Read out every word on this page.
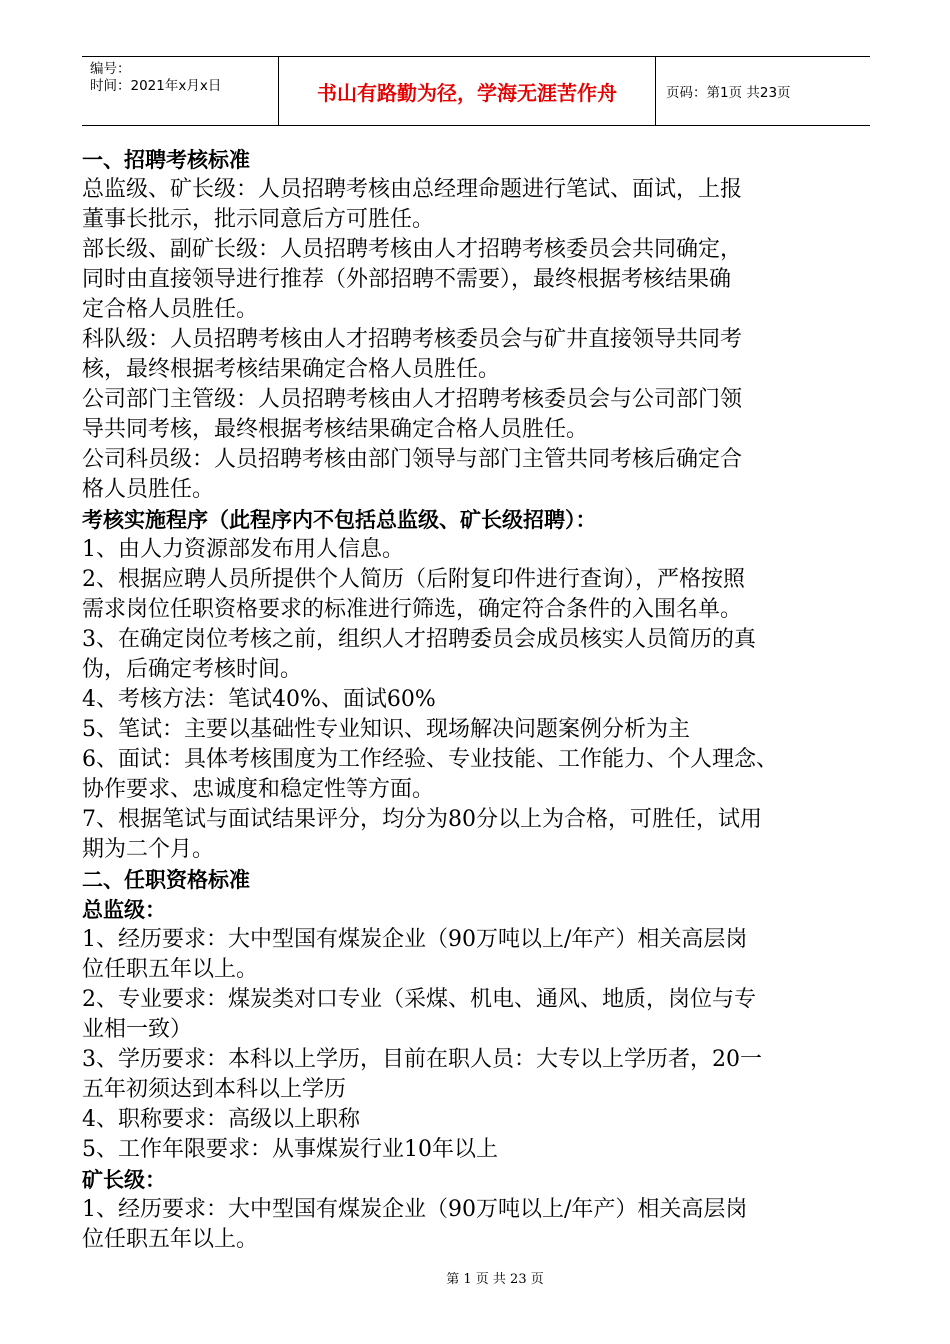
编号：
时间：2021年x月x日	书山有路勤为径，学海无涯苦作舟	页码：第1页 共23页
一、招聘考核标准
总监级、矿长级：人员招聘考核由总经理命题进行笔试、面试，上报
董事长批示，批示同意后方可胜任。
部长级、副矿长级：人员招聘考核由人才招聘考核委员会共同确定，
同时由直接领导进行推荐（外部招聘不需要），最终根据考核结果确
定合格人员胜任。
科队级：人员招聘考核由人才招聘考核委员会与矿井直接领导共同考
核，最终根据考核结果确定合格人员胜任。
公司部门主管级：人员招聘考核由人才招聘考核委员会与公司部门领
导共同考核，最终根据考核结果确定合格人员胜任。
公司科员级：人员招聘考核由部门领导与部门主管共同考核后确定合
格人员胜任。
考核实施程序（此程序内不包括总监级、矿长级招聘）：
1、由人力资源部发布用人信息。
2、根据应聘人员所提供个人简历（后附复印件进行查询），严格按照
需求岗位任职资格要求的标准进行筛选，确定符合条件的入围名单。
3、在确定岗位考核之前，组织人才招聘委员会成员核实人员简历的真
伪，后确定考核时间。
4、考核方法：笔试40%、面试60%
5、笔试：主要以基础性专业知识、现场解决问题案例分析为主
6、面试：具体考核围度为工作经验、专业技能、工作能力、个人理念、
协作要求、忠诚度和稳定性等方面。
7、根据笔试与面试结果评分，均分为80分以上为合格，可胜任，试用
期为二个月。
二、任职资格标准
总监级：
1、经历要求：大中型国有煤炭企业（90万吨以上/年产）相关高层岗
位任职五年以上。
2、专业要求：煤炭类对口专业（采煤、机电、通风、地质，岗位与专
业相一致）
3、学历要求：本科以上学历，目前在职人员：大专以上学历者，20一
五年初须达到本科以上学历
4、职称要求：高级以上职称
5、工作年限要求：从事煤炭行业10年以上
矿长级：
1、经历要求：大中型国有煤炭企业（90万吨以上/年产）相关高层岗
位任职五年以上。
第 1 页 共 23 页
